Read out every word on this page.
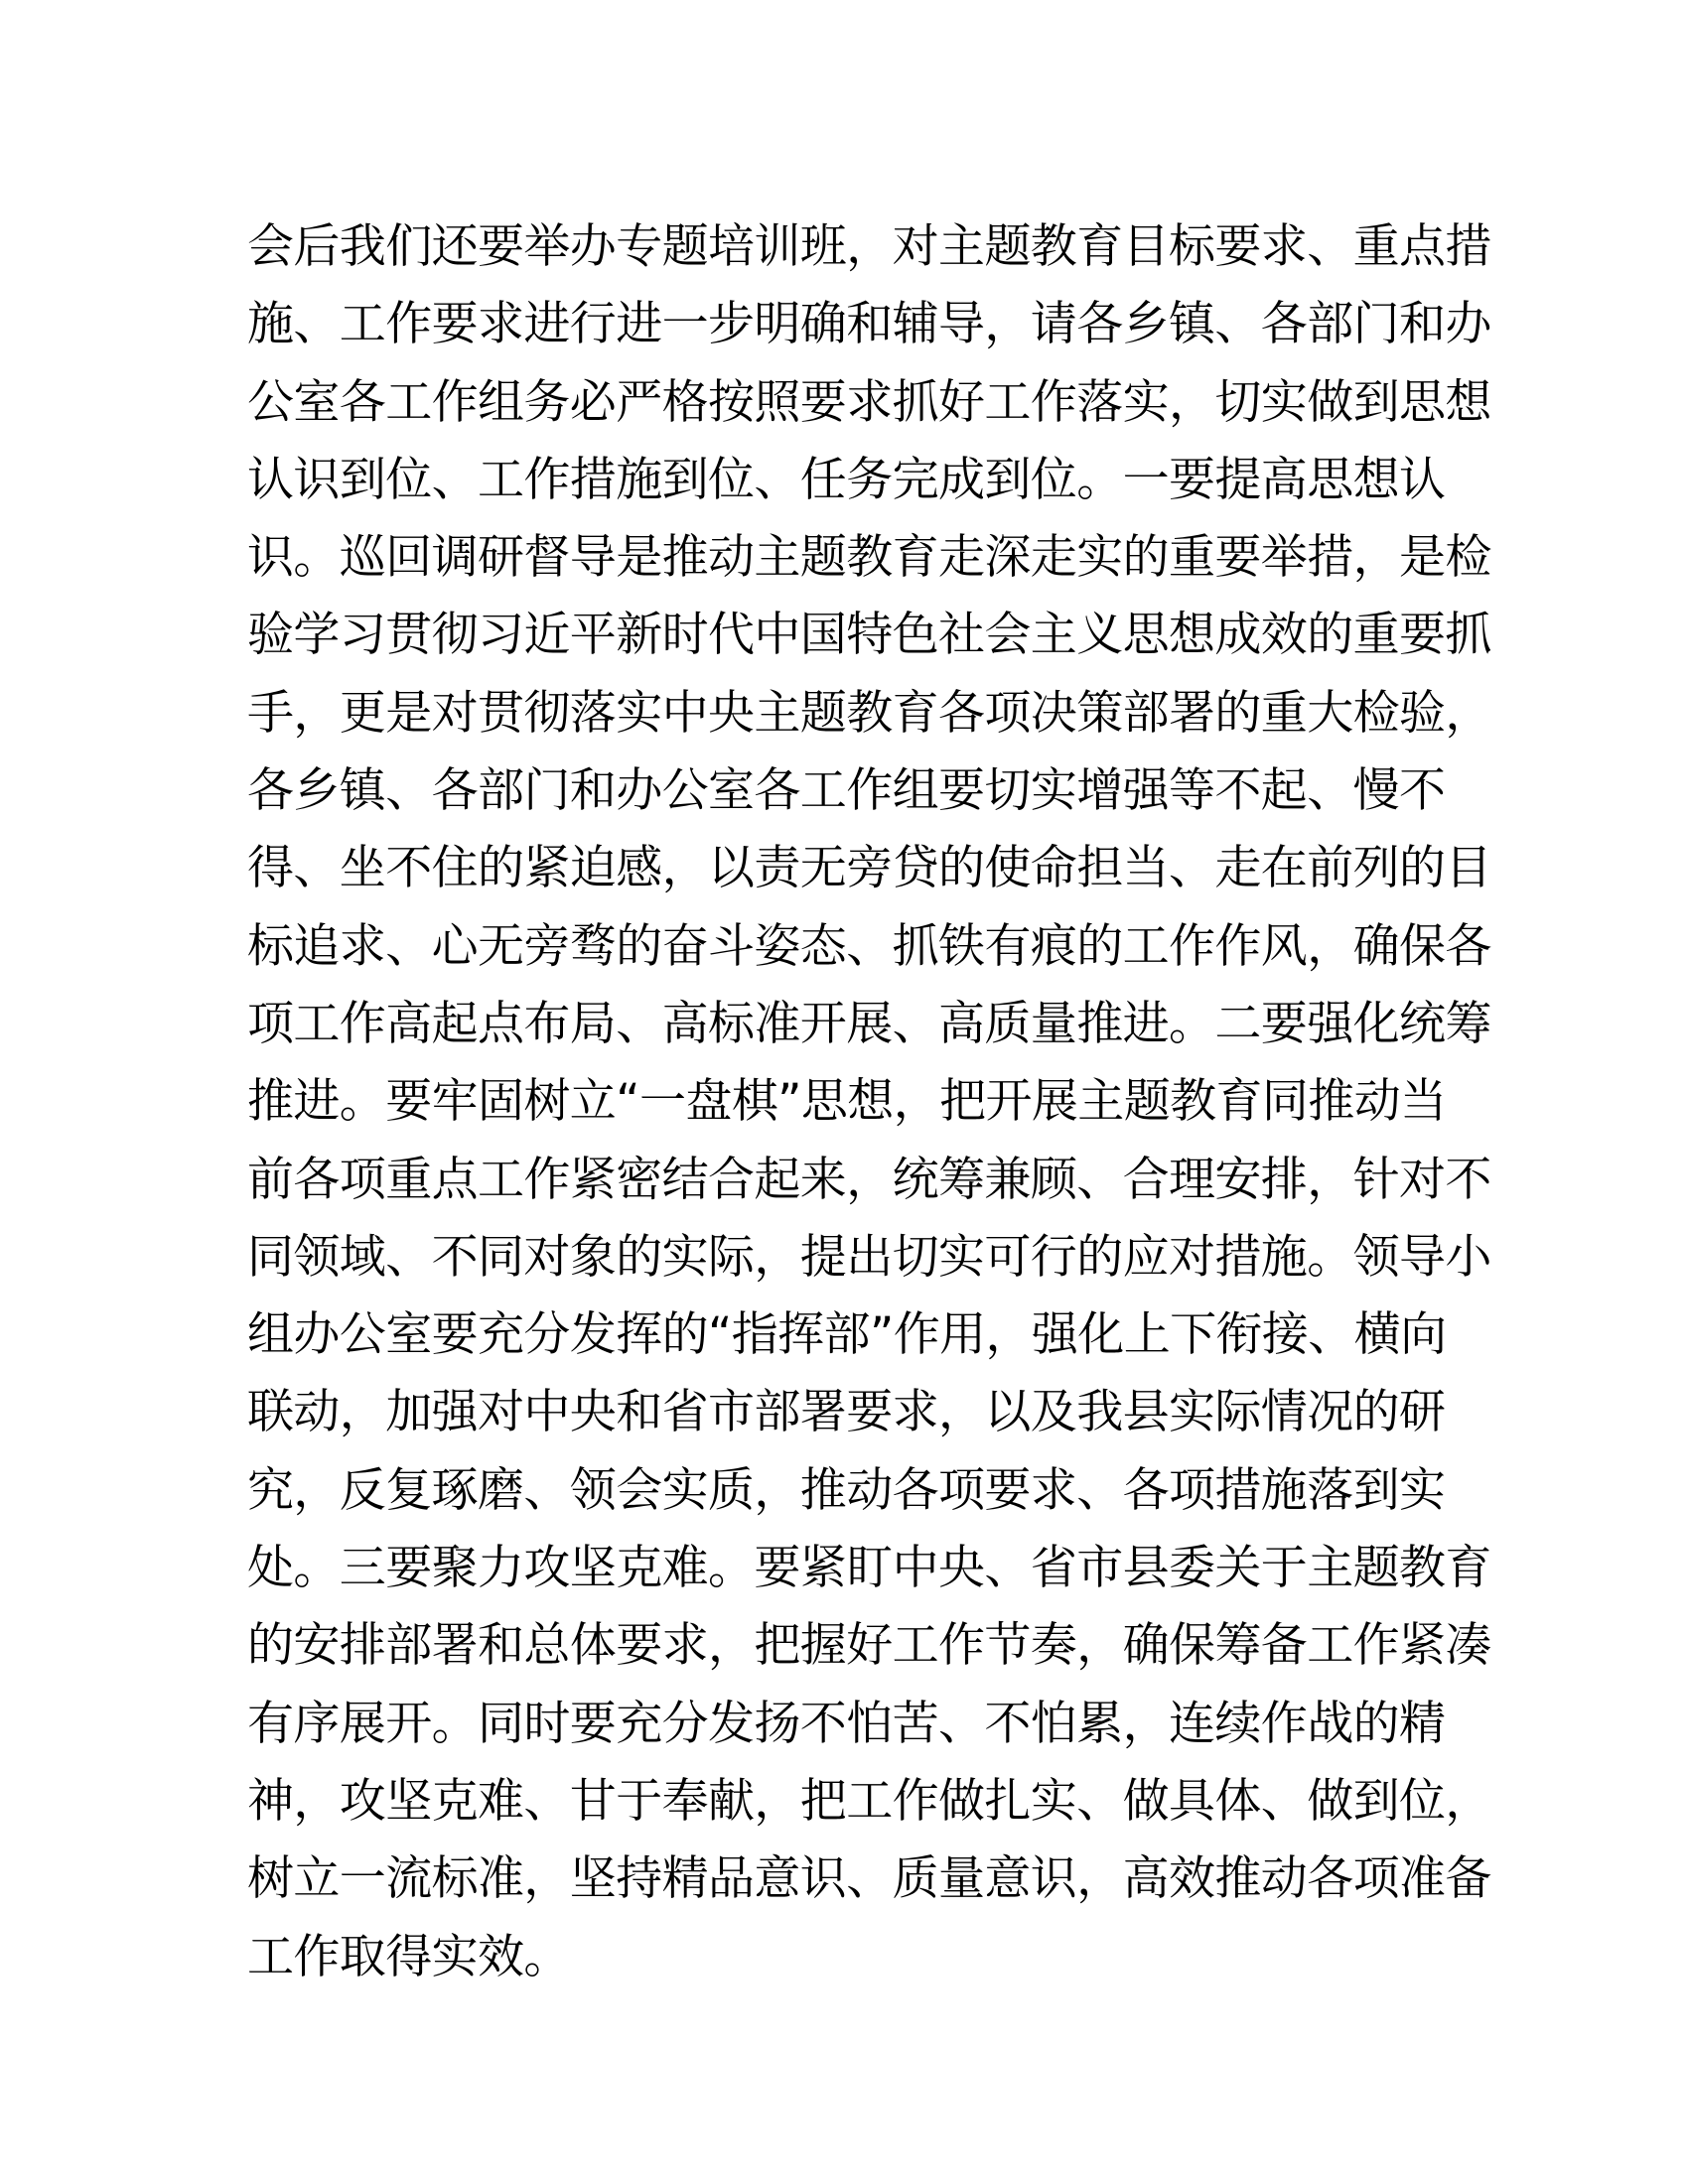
会后我们还要举办专题培训班，对主题教育目标要求、重点措
施、工作要求进行进一步明确和辅导，请各乡镇、各部门和办
公室各工作组务必严格按照要求抓好工作落实，切实做到思想
认识到位、工作措施到位、任务完成到位。一要提高思想认
识。巡回调研督导是推动主题教育走深走实的重要举措，是检
验学习贯彻习近平新时代中国特色社会主义思想成效的重要抓
手，更是对贯彻落实中央主题教育各项决策部署的重大检验，
各乡镇、各部门和办公室各工作组要切实增强等不起、慢不
得、坐不住的紧迫感，以责无旁贷的使命担当、走在前列的目
标追求、心无旁骛的奋斗姿态、抓铁有痕的工作作风，确保各
项工作高起点布局、高标准开展、高质量推进。二要强化统筹
推进。要牢固树立“一盘棋”思想，把开展主题教育同推动当
前各项重点工作紧密结合起来，统筹兼顾、合理安排，针对不
同领域、不同对象的实际，提出切实可行的应对措施。领导小
组办公室要充分发挥的“指挥部”作用，强化上下衔接、横向
联动，加强对中央和省市部署要求，以及我县实际情况的研
究，反复琢磨、领会实质，推动各项要求、各项措施落到实
处。三要聚力攻坚克难。要紧盯中央、省市县委关于主题教育
的安排部署和总体要求，把握好工作节奏，确保筹备工作紧凑
有序展开。同时要充分发扬不怕苦、不怕累，连续作战的精
神，攻坚克难、甘于奉献，把工作做扎实、做具体、做到位，
树立一流标准，坚持精品意识、质量意识，高效推动各项准备
工作取得实效。
